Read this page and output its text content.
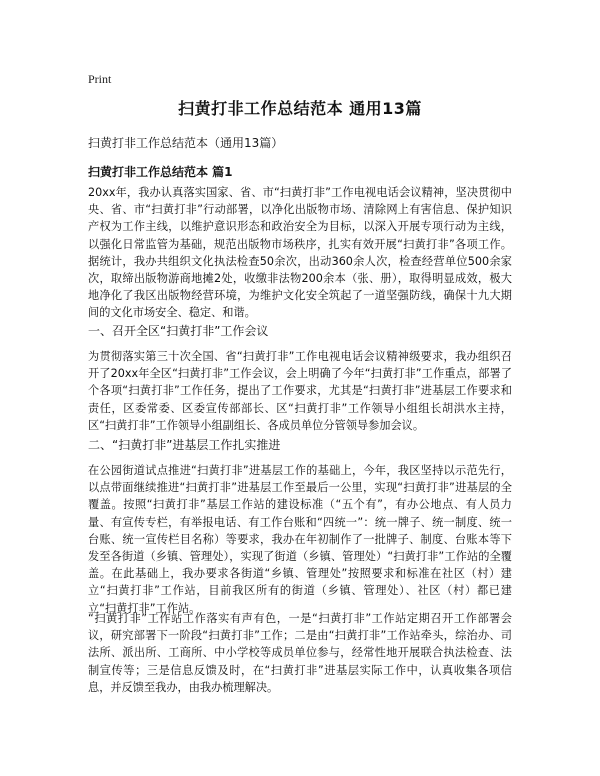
Print
扫黄打非工作总结范本 通用13篇
扫黄打非工作总结范本（通用13篇）
扫黄打非工作总结范本 篇1

20xx年，我办认真落实国家、省、市“扫黄打非”工作电视电话会议精神，坚决贯彻中央、省、市“扫黄打非”行动部署，以净化出版物市场、清除网上有害信息、保护知识产权为工作主线，以维护意识形态和政治安全为目标，以深入开展专项行动为主线，以强化日常监管为基础，规范出版物市场秩序，扎实有效开展“扫黄打非”各项工作。据统计，我办共组织文化执法检查50余次，出动360余人次，检查经营单位500余家次，取缔出版物游商地摊2处，收缴非法物200余本（张、册），取得明显成效，极大地净化了我区出版物经营环境，为维护文化安全筑起了一道坚强防线，确保十九大期间的文化市场安全、稳定、和谐。

一、召开全区“扫黄打非”工作会议

为贯彻落实第三十次全国、省“扫黄打非”工作电视电话会议精神级要求，我办组织召开了20xx年全区“扫黄打非”工作会议，会上明确了今年“扫黄打非”工作重点，部署了个各项“扫黄打非”工作任务，提出了工作要求，尤其是“扫黄打非”进基层工作要求和责任，区委常委、区委宣传部部长、区“扫黄打非”工作领导小组组长胡洪水主持，区“扫黄打非”工作领导小组副组长、各成员单位分管领导参加会议。

二、“扫黄打非”进基层工作扎实推进

在公园街道试点推进“扫黄打非”进基层工作的基础上，今年，我区坚持以示范先行，以点带面继续推进“扫黄打非”进基层工作至最后一公里，实现“扫黄打非”进基层的全覆盖。按照“扫黄打非”基层工作站的建设标准（“五个有”，有办公地点、有人员力量、有宣传专栏，有举报电话、有工作台账和“四统一”：统一牌子、统一制度、统一台账、统一宣传栏目名称）等要求，我办在年初制作了一批牌子、制度、台账本等下发至各街道（乡镇、管理处），实现了街道（乡镇、管理处）“扫黄打非”工作站的全覆盖。在此基础上，我办要求各街道“乡镇、管理处”按照要求和标准在社区（村）建立“扫黄打非”工作站，目前我区所有的街道（乡镇、管理处）、社区（村）都已建立“扫黄打非”工作站。

“扫黄打非”工作站工作落实有声有色，一是“扫黄打非”工作站定期召开工作部署会议，研究部署下一阶段“扫黄打非”工作；二是由“扫黄打非”工作站牵头，综治办、司法所、派出所、工商所、中小学校等成员单位参与，经常性地开展联合执法检查、法制宣传等；三是信息反馈及时，在“扫黄打非”进基层实际工作中，认真收集各项信息，并反馈至我办，由我办梳理解决。
